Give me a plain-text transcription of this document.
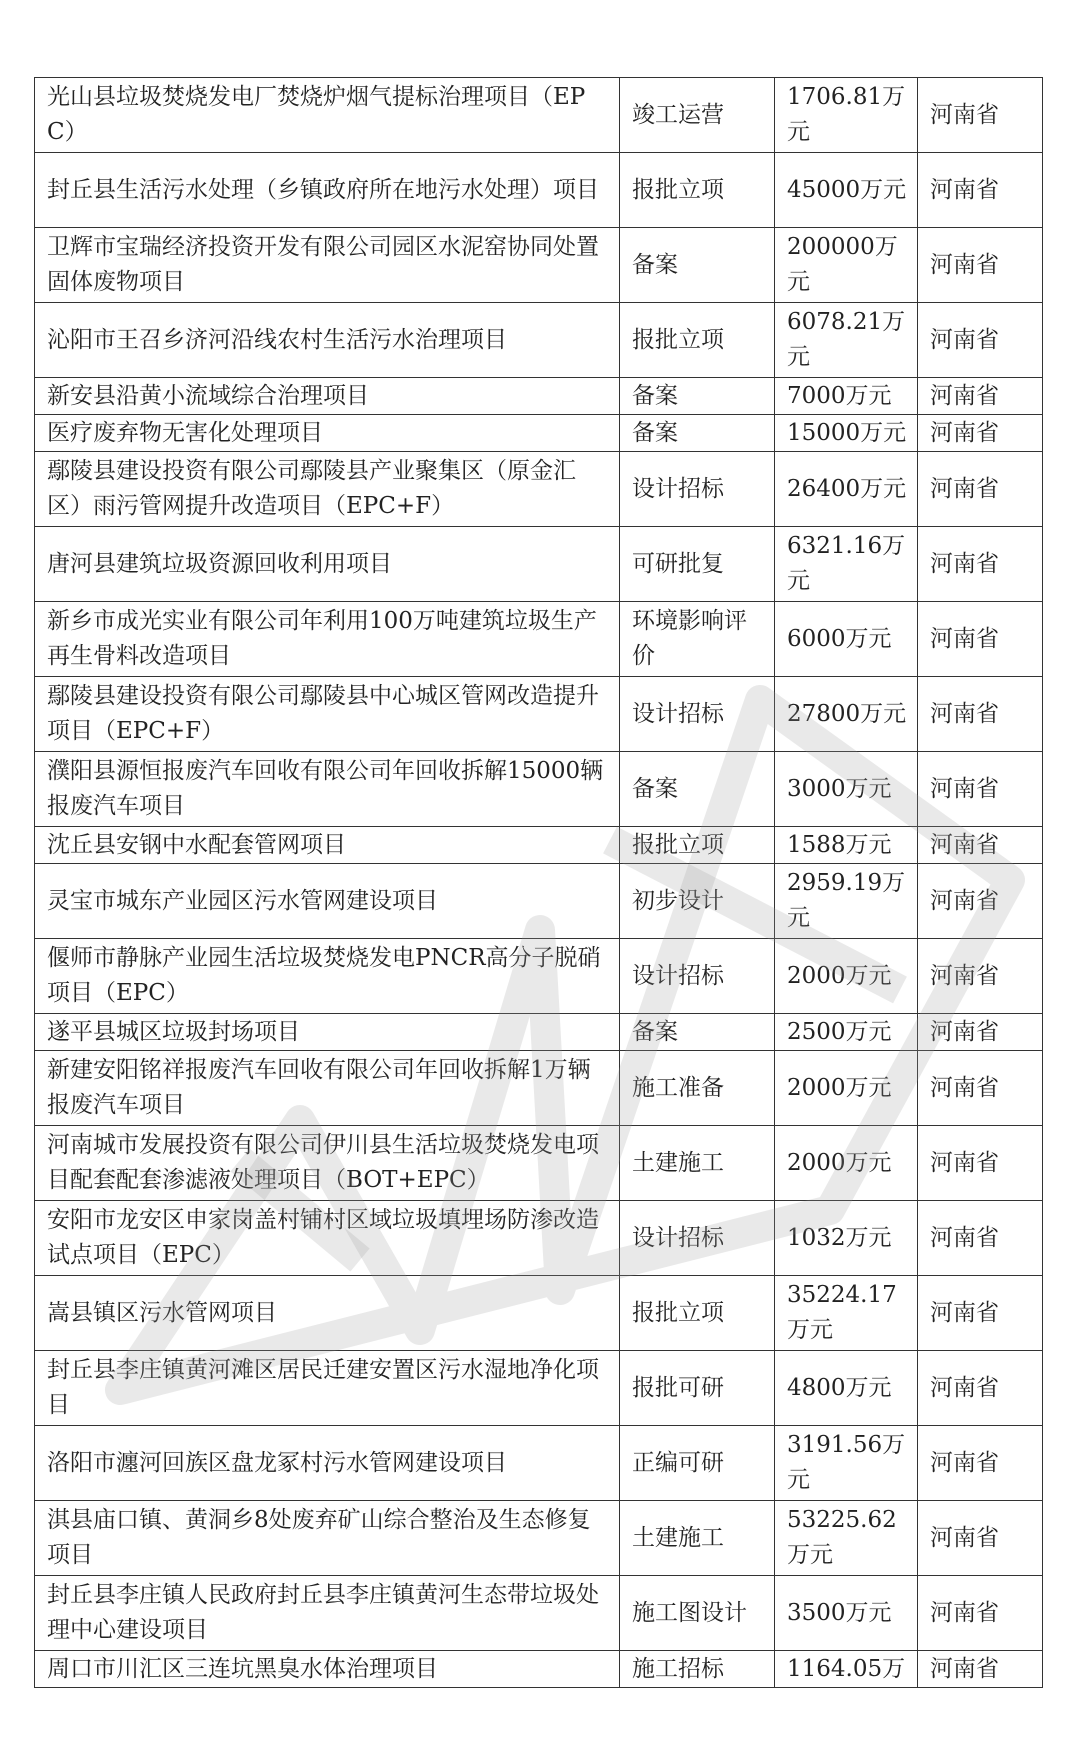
光山县垃圾焚烧发电厂焚烧炉烟气提标治理项目（EPC）	竣工运营	1706.81万元	河南省
封丘县生活污水处理（乡镇政府所在地污水处理）项目	报批立项	45000万元	河南省
卫辉市宝瑞经济投资开发有限公司园区水泥窑协同处置固体废物项目	备案	200000万元	河南省
沁阳市王召乡济河沿线农村生活污水治理项目	报批立项	6078.21万元	河南省
新安县沿黄小流域综合治理项目	备案	7000万元	河南省
医疗废弃物无害化处理项目	备案	15000万元	河南省
鄢陵县建设投资有限公司鄢陵县产业聚集区（原金汇区）雨污管网提升改造项目（EPC+F）	设计招标	26400万元	河南省
唐河县建筑垃圾资源回收利用项目	可研批复	6321.16万元	河南省
新乡市成光实业有限公司年利用100万吨建筑垃圾生产再生骨料改造项目	环境影响评价	6000万元	河南省
鄢陵县建设投资有限公司鄢陵县中心城区管网改造提升项目（EPC+F）	设计招标	27800万元	河南省
濮阳县源恒报废汽车回收有限公司年回收拆解15000辆报废汽车项目	备案	3000万元	河南省
沈丘县安钢中水配套管网项目	报批立项	1588万元	河南省
灵宝市城东产业园区污水管网建设项目	初步设计	2959.19万元	河南省
偃师市静脉产业园生活垃圾焚烧发电PNCR高分子脱硝项目（EPC）	设计招标	2000万元	河南省
遂平县城区垃圾封场项目	备案	2500万元	河南省
新建安阳铭祥报废汽车回收有限公司年回收拆解1万辆报废汽车项目	施工准备	2000万元	河南省
河南城市发展投资有限公司伊川县生活垃圾焚烧发电项目配套配套渗滤液处理项目（BOT+EPC）	土建施工	2000万元	河南省
安阳市龙安区申家岗盖村铺村区域垃圾填埋场防渗改造试点项目（EPC）	设计招标	1032万元	河南省
嵩县镇区污水管网项目	报批立项	35224.17万元	河南省
封丘县李庄镇黄河滩区居民迁建安置区污水湿地净化项目	报批可研	4800万元	河南省
洛阳市瀍河回族区盘龙冢村污水管网建设项目	正编可研	3191.56万元	河南省
淇县庙口镇、黄洞乡8处废弃矿山综合整治及生态修复项目	土建施工	53225.62万元	河南省
封丘县李庄镇人民政府封丘县李庄镇黄河生态带垃圾处理中心建设项目	施工图设计	3500万元	河南省
周口市川汇区三连坑黑臭水体治理项目	施工招标	1164.05万	河南省
